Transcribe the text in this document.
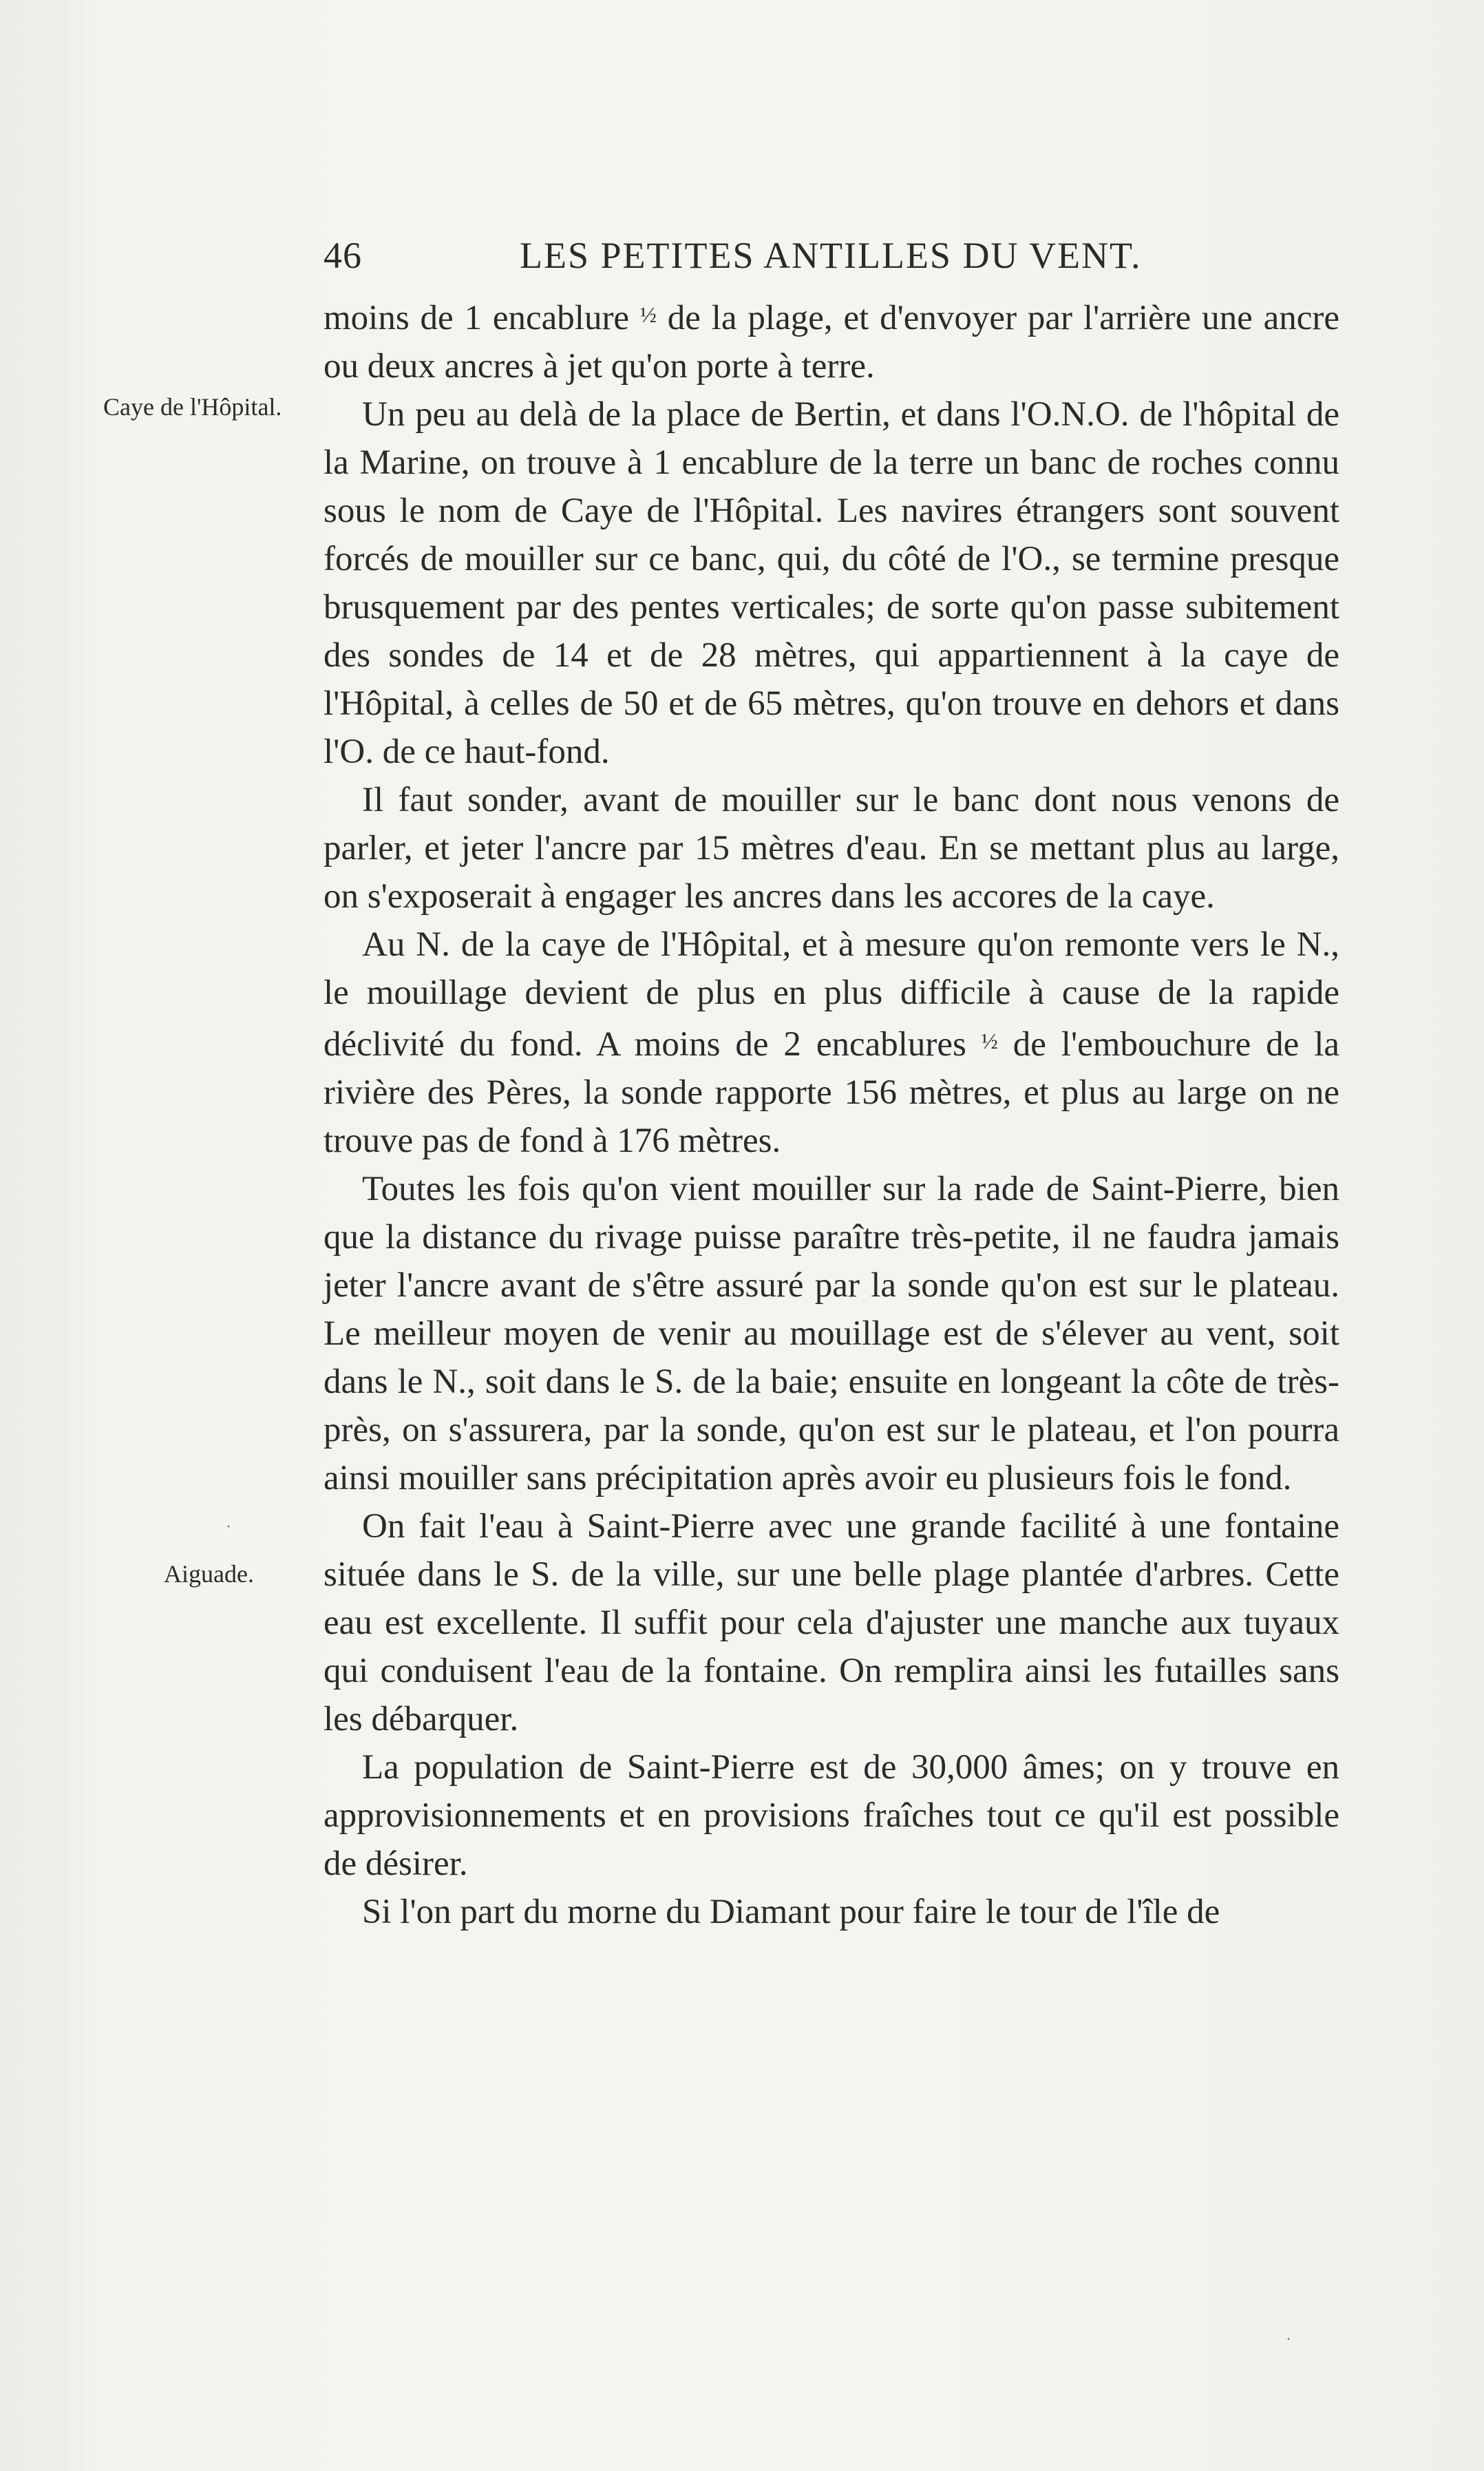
46	LES PETITES ANTILLES DU VENT.
Caye de l'Hôpital.
Aiguade.

moins de 1 encablure ½ de la plage, et d'envoyer par l'arrière une ancre ou deux ancres à jet qu'on porte à terre.

Un peu au delà de la place de Bertin, et dans l'O.N.O. de l'hôpital de la Marine, on trouve à 1 encablure de la terre un banc de roches connu sous le nom de Caye de l'Hôpital. Les navires étrangers sont souvent forcés de mouiller sur ce banc, qui, du côté de l'O., se termine presque brusquement par des pentes verticales; de sorte qu'on passe subitement des sondes de 14 et de 28 mètres, qui appartiennent à la caye de l'Hôpital, à celles de 50 et de 65 mètres, qu'on trouve en dehors et dans l'O. de ce haut-fond.

Il faut sonder, avant de mouiller sur le banc dont nous venons de parler, et jeter l'ancre par 15 mètres d'eau. En se mettant plus au large, on s'exposerait à engager les ancres dans les accores de la caye.

Au N. de la caye de l'Hôpital, et à mesure qu'on remonte vers le N., le mouillage devient de plus en plus difficile à cause de la rapide déclivité du fond. A moins de 2 encablures ½ de l'embouchure de la rivière des Pères, la sonde rapporte 156 mètres, et plus au large on ne trouve pas de fond à 176 mètres.

Toutes les fois qu'on vient mouiller sur la rade de Saint-Pierre, bien que la distance du rivage puisse paraître très-petite, il ne faudra jamais jeter l'ancre avant de s'être assuré par la sonde qu'on est sur le plateau. Le meilleur moyen de venir au mouillage est de s'élever au vent, soit dans le N., soit dans le S. de la baie; ensuite en longeant la côte de très-près, on s'assurera, par la sonde, qu'on est sur le plateau, et l'on pourra ainsi mouiller sans précipitation après avoir eu plusieurs fois le fond.

On fait l'eau à Saint-Pierre avec une grande facilité à une fontaine située dans le S. de la ville, sur une belle plage plantée d'arbres. Cette eau est excellente. Il suffit pour cela d'ajuster une manche aux tuyaux qui conduisent l'eau de la fontaine. On remplira ainsi les futailles sans les débarquer.

La population de Saint-Pierre est de 30,000 âmes; on y trouve en approvisionnements et en provisions fraîches tout ce qu'il est possible de désirer.

Si l'on part du morne du Diamant pour faire le tour de l'île de

·
·
